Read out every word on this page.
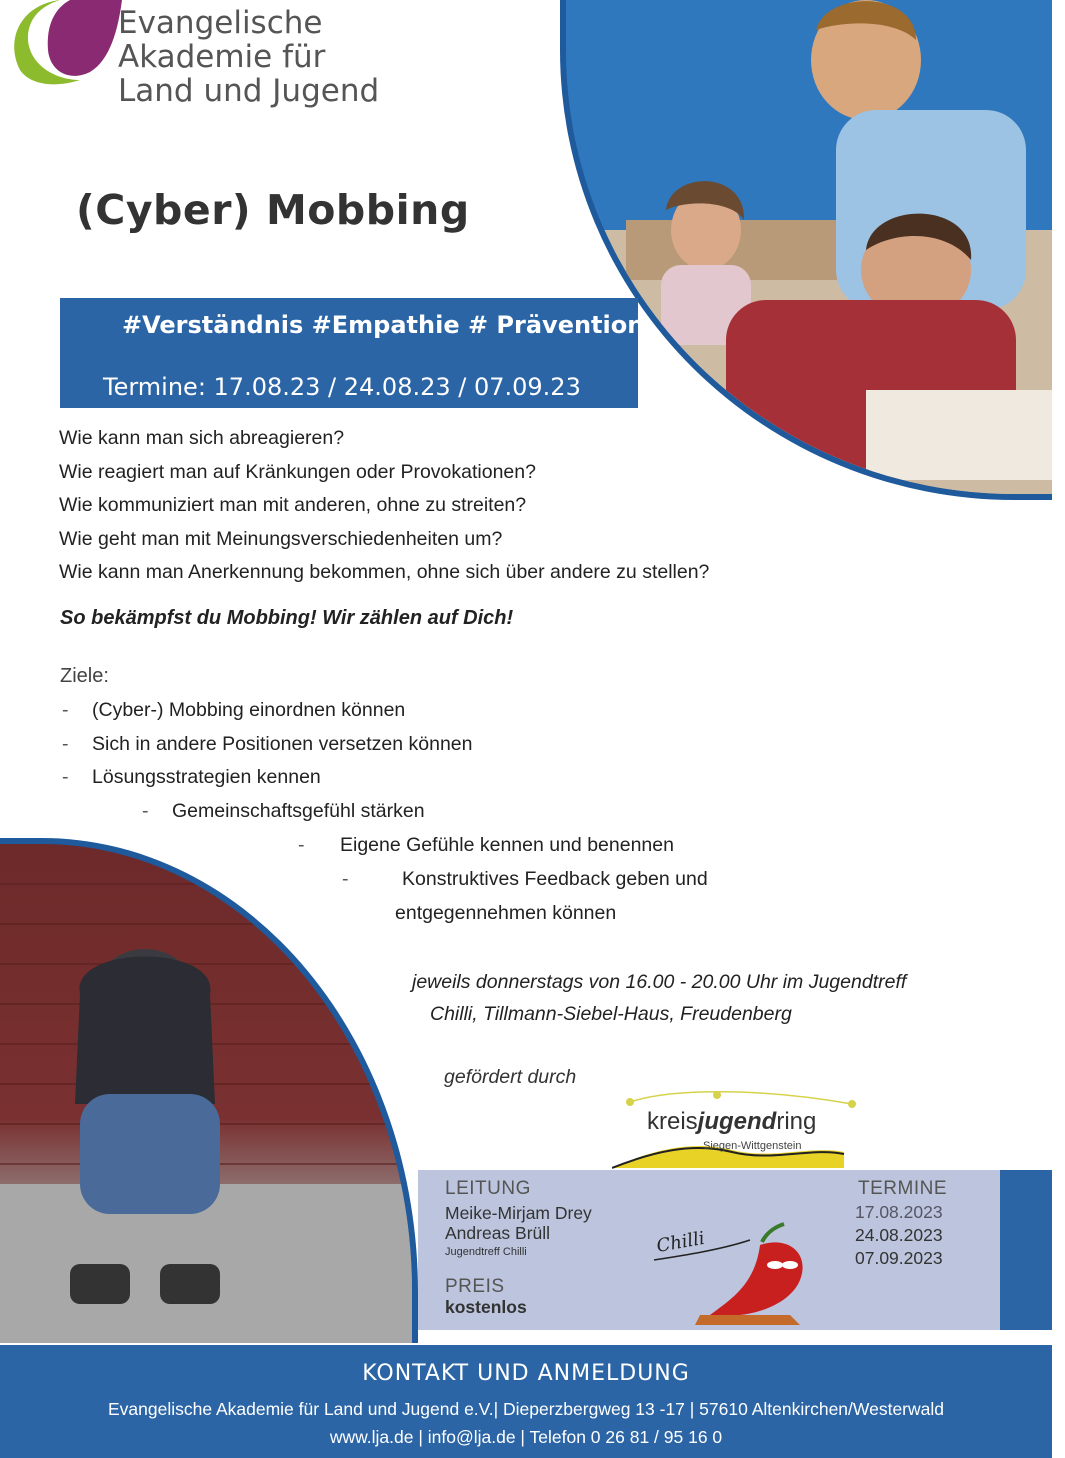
Evangelische
Akademie für
Land und Jugend
(Cyber) Mobbing
#Verständnis #Empathie # Prävention
Termine: 17.08.23 / 24.08.23 / 07.09.23
Wie kann man sich abreagieren?
Wie reagiert man auf Kränkungen oder Provokationen?
Wie kommuniziert man mit anderen, ohne zu streiten?
Wie geht man mit Meinungsverschiedenheiten um?
Wie kann man Anerkennung bekommen, ohne sich über andere zu stellen?
So bekämpfst du Mobbing! Wir zählen auf Dich!
Ziele:
- (Cyber-) Mobbing einordnen können
- Sich in andere Positionen versetzen können
- Lösungsstrategien kennen
- Gemeinschaftsgefühl stärken
- Eigene Gefühle kennen und benennen
-	Konstruktives Feedback geben und
entgegennehmen können
jeweils donnerstags von 16.00 - 20.00 Uhr im Jugendtreff
Chilli, Tillmann-Siebel-Haus, Freudenberg
gefördert durch
kreisjugendring
Siegen-Wittgenstein
LEITUNG
Meike-Mirjam Drey
Andreas Brüll
Jugendtreff Chilli
PREIS
kostenlos
TERMINE
17.08.2023
24.08.2023
07.09.2023
Chilli
KONTAKT UND ANMELDUNG
Evangelische Akademie für Land und Jugend e.V.| Dieperzbergweg 13 -17 | 57610 Altenkirchen/Westerwald
www.lja.de | info@lja.de | Telefon 0 26 81 / 95 16 0
